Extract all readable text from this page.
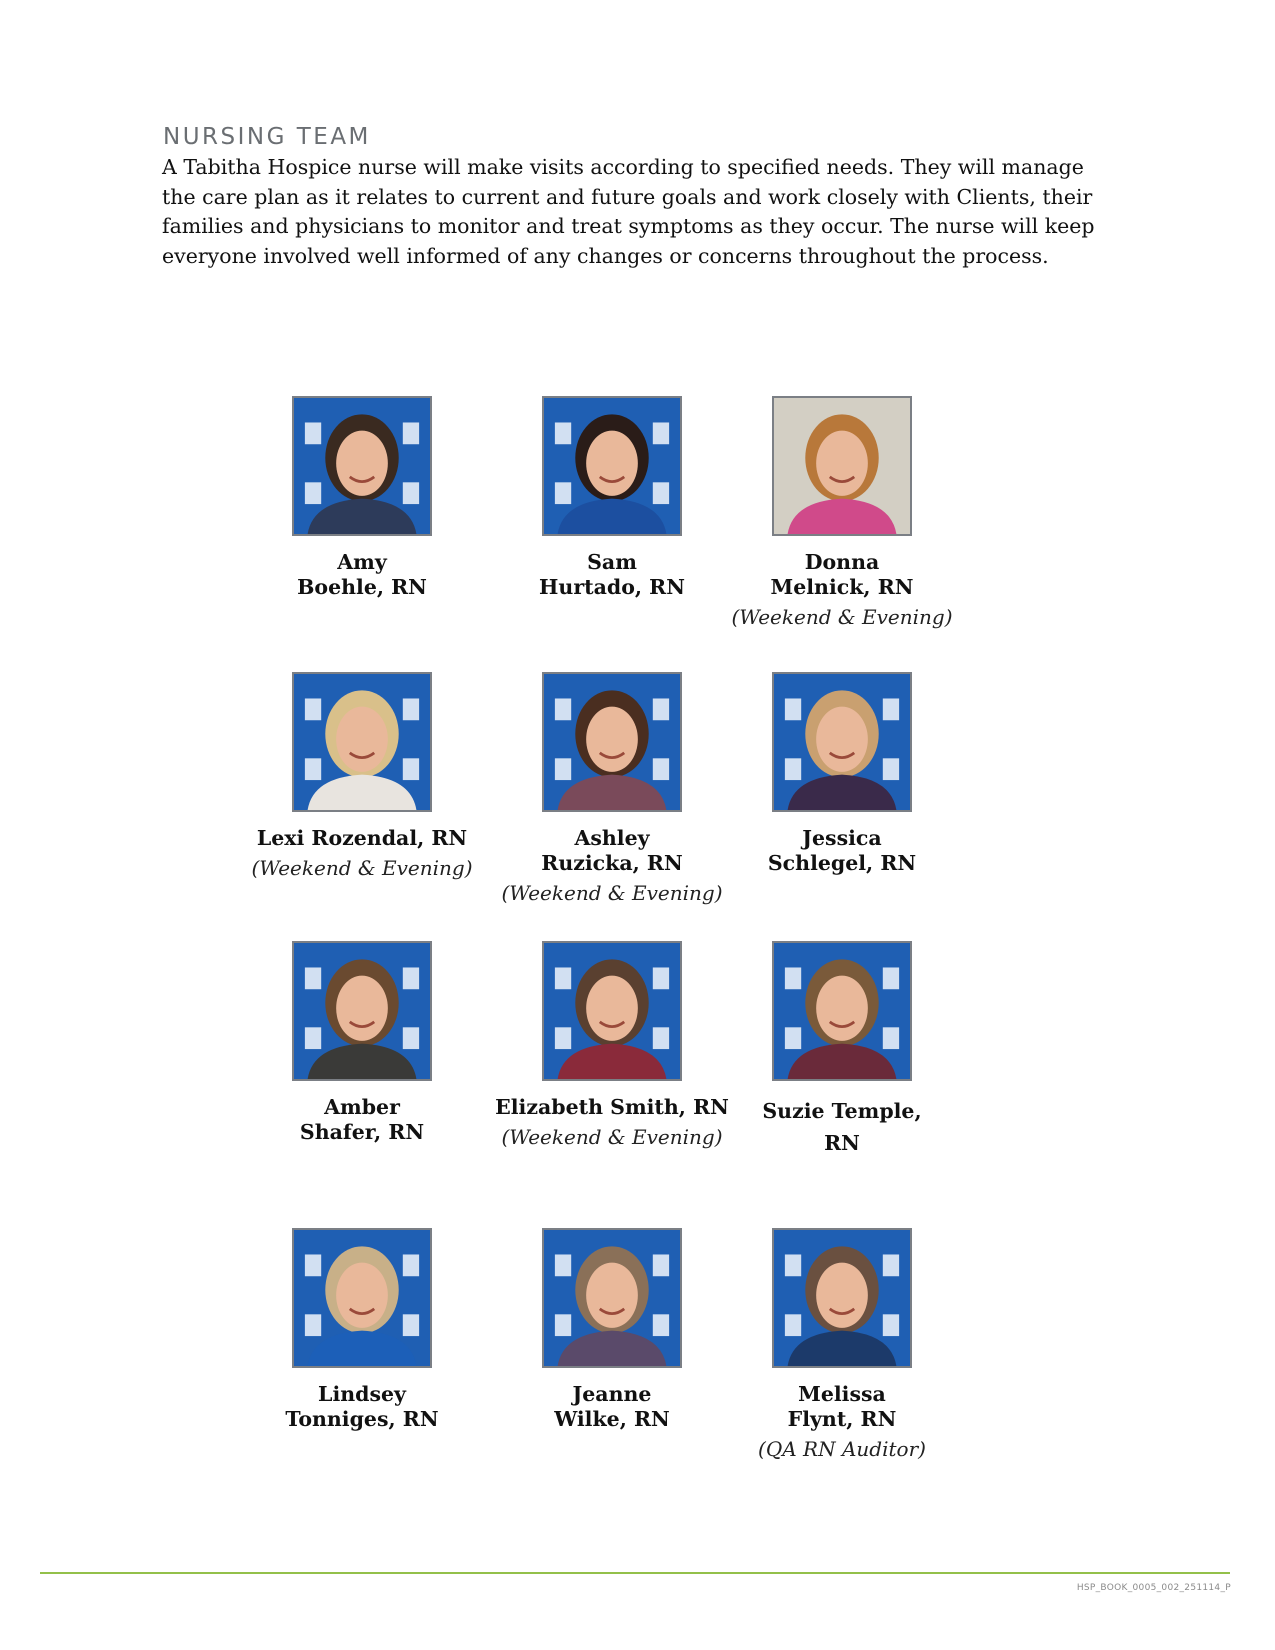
NURSING TEAM

A Tabitha Hospice nurse will make visits according to specified needs. They will manage the care plan as it relates to current and future goals and work closely with Clients, their families and physicians to monitor and treat symptoms as they occur. The nurse will keep everyone involved well informed of any changes or concerns throughout the process.

Amy
Boehle, RN
Sam
Hurtado, RN
Donna
Melnick, RN
(Weekend & Evening)
Lexi Rozendal, RN
(Weekend & Evening)
Ashley
Ruzicka, RN
(Weekend & Evening)
Jessica
Schlegel, RN
Amber
Shafer, RN
Elizabeth Smith, RN
(Weekend & Evening)
Suzie Temple,
RN
Lindsey
Tonniges, RN
Jeanne
Wilke, RN
Melissa
Flynt, RN
(QA RN Auditor)
HSP_BOOK_0005_002_251114_P
